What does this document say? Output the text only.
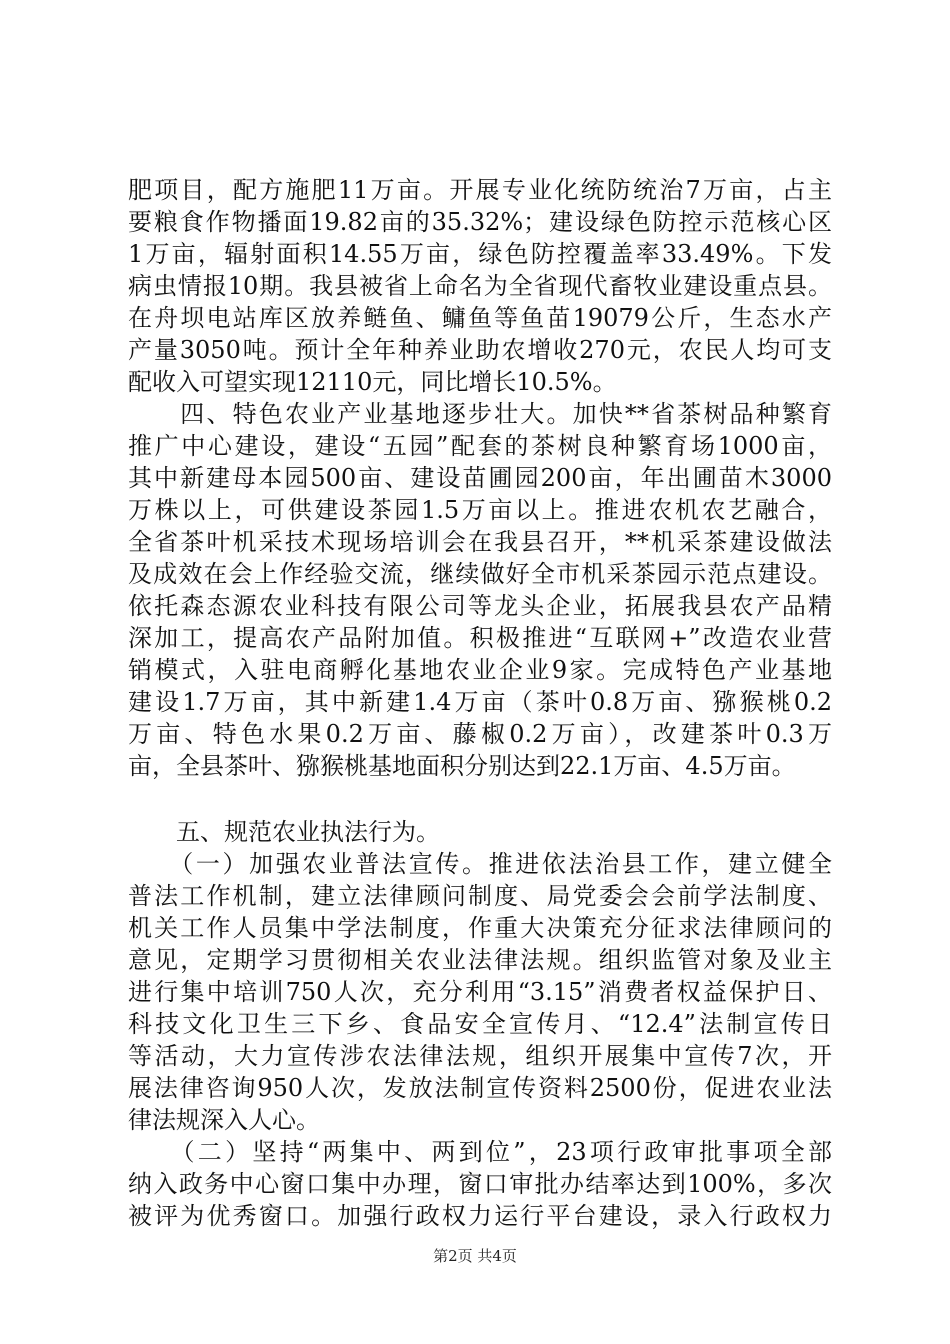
肥项目，配方施肥11万亩。开展专业化统防统治7万亩，占主
要粮食作物播面19.82亩的35.32%；建设绿色防控示范核心区
1万亩，辐射面积14.55万亩，绿色防控覆盖率33.49%。下发
病虫情报10期。我县被省上命名为全省现代畜牧业建设重点县。
在舟坝电站库区放养鲢鱼、鳙鱼等鱼苗19079公斤，生态水产
产量3050吨。预计全年种养业助农增收270元，农民人均可支
配收入可望实现12110元，同比增长10.5%。
　　四、特色农业产业基地逐步壮大。加快**省茶树品种繁育
推广中心建设，建设“五园”配套的茶树良种繁育场1000亩，
其中新建母本园500亩、建设苗圃园200亩，年出圃苗木3000
万株以上，可供建设茶园1.5万亩以上。推进农机农艺融合，
全省茶叶机采技术现场培训会在我县召开，**机采茶建设做法
及成效在会上作经验交流，继续做好全市机采茶园示范点建设。
依托森态源农业科技有限公司等龙头企业，拓展我县农产品精
深加工，提高农产品附加值。积极推进“互联网+”改造农业营
销模式，入驻电商孵化基地农业企业9家。完成特色产业基地
建设1.7万亩，其中新建1.4万亩（茶叶0.8万亩、猕猴桃0.2
万亩、特色水果0.2万亩、藤椒0.2万亩），改建茶叶0.3万
亩，全县茶叶、猕猴桃基地面积分别达到22.1万亩、4.5万亩。
　　五、规范农业执法行为。
　　（一）加强农业普法宣传。推进依法治县工作，建立健全
普法工作机制，建立法律顾问制度、局党委会会前学法制度、
机关工作人员集中学法制度，作重大决策充分征求法律顾问的
意见，定期学习贯彻相关农业法律法规。组织监管对象及业主
进行集中培训750人次，充分利用“3.15”消费者权益保护日、
科技文化卫生三下乡、食品安全宣传月、“12.4”法制宣传日
等活动，大力宣传涉农法律法规，组织开展集中宣传7次，开
展法律咨询950人次，发放法制宣传资料2500份，促进农业法
律法规深入人心。
　　（二）坚持“两集中、两到位”，23项行政审批事项全部
纳入政务中心窗口集中办理，窗口审批办结率达到100%，多次
被评为优秀窗口。加强行政权力运行平台建设，录入行政权力
第2页 共4页
